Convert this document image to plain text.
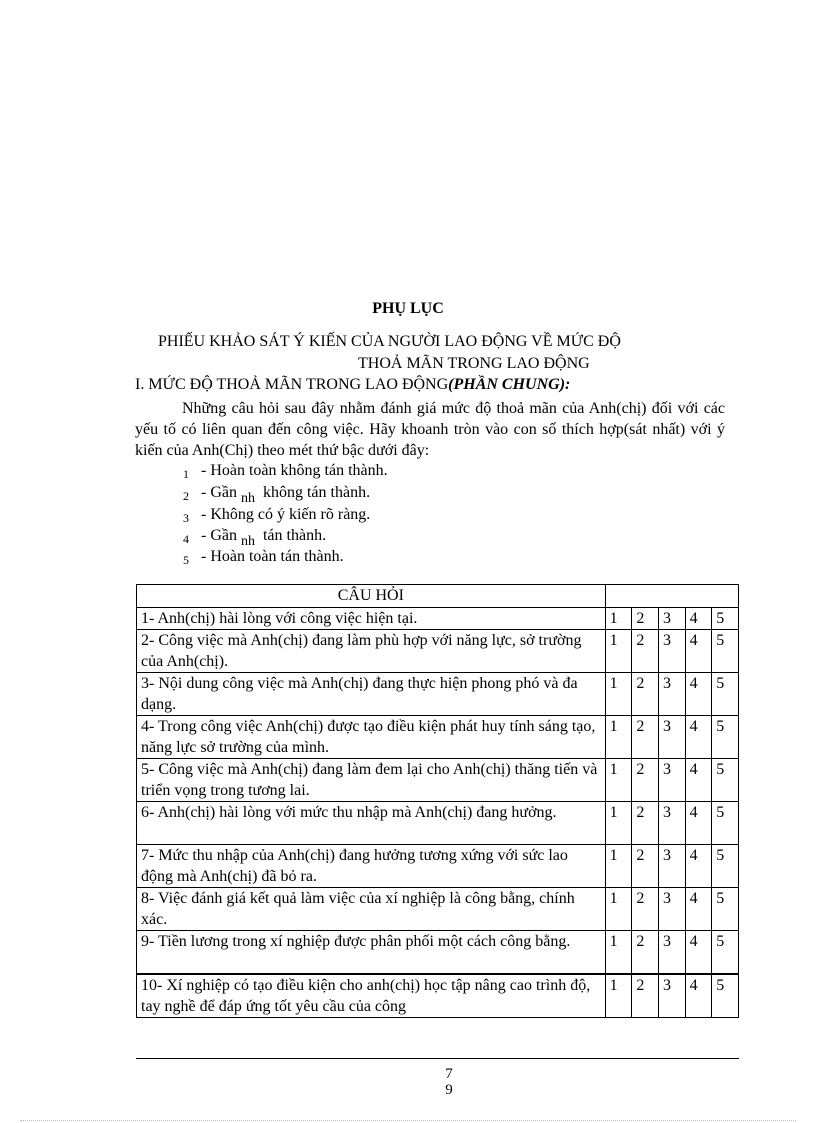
PHỤ LỤC
PHIẾU KHẢO SÁT Ý KIẾN CỦA NGƯỜI LAO ĐỘNG VỀ MỨC ĐỘ
THOẢ MÃN TRONG LAO ĐỘNG
I. MỨC ĐỘ THOẢ MÃN TRONG LAO ĐỘNG(PHẦN CHUNG):
Những câu hỏi sau đây nhằm đánh giá mức độ thoả mãn của Anh(chị) đối với các yếu tố có liên quan đến công việc. Hãy khoanh tròn vào con số thích hợp(sát nhất) với ý kiến của Anh(Chị) theo mét thứ bậc dưới đây:
1 - Hoàn toàn không tán thành.
2 - Gần nh không tán thành.
3 - Không có ý kiến rõ ràng.
4 - Gần nh tán thành.
5 - Hoàn toàn tán thành.
CÂU HỎI					
1- Anh(chị) hài lòng với công việc hiện tại.	1	2	3	4	5
2- Công việc mà Anh(chị) đang làm phù hợp với năng lực, sở trường của Anh(chị).	1	2	3	4	5
3- Nội dung công việc mà Anh(chị) đang thực hiện phong phó và đa dạng.	1	2	3	4	5
4- Trong công việc Anh(chị) được tạo điều kiện phát huy tính sáng tạo, năng lực sở trường của mình.	1	2	3	4	5
5- Công việc mà Anh(chị) đang làm đem lại cho Anh(chị) thăng tiến và triển vọng trong tương lai.	1	2	3	4	5
6- Anh(chị) hài lòng với mức thu nhập mà Anh(chị) đang hưởng.	1	2	3	4	5
7- Mức thu nhập của Anh(chị) đang hưởng tương xứng với sức lao động mà Anh(chị) đã bỏ ra.	1	2	3	4	5
8- Việc đánh giá kết quả làm việc của xí nghiệp là công bằng, chính xác.	1	2	3	4	5
9- Tiền lương trong xí nghiệp được phân phối một cách công bằng.	1	2	3	4	5
10- Xí nghiệp có tạo điều kiện cho anh(chị) học tập nâng cao trình độ, tay nghề để đáp ứng tốt yêu cầu của công	1	2	3	4	5
7
9
